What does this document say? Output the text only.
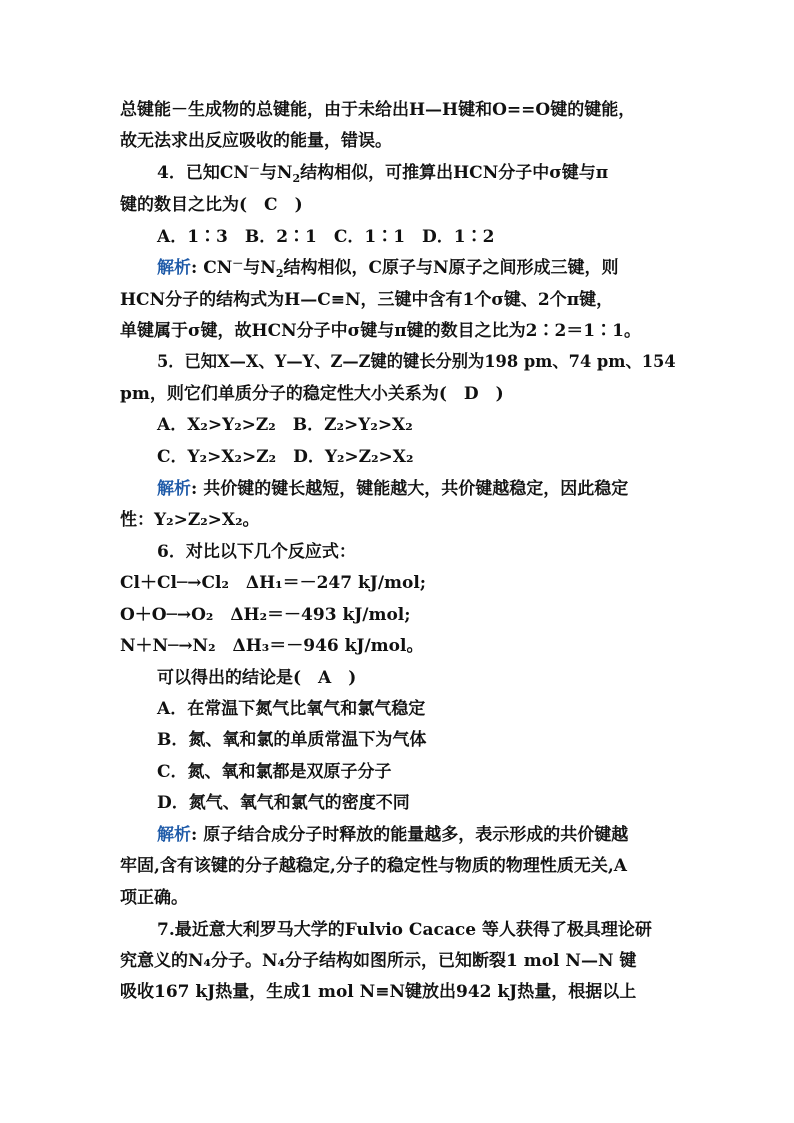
总键能－生成物的总键能，由于未给出H—H键和O==O键的键能，
故无法求出反应吸收的能量，错误。
4．已知CN－与$N_2$结构相似，可推算出HCN分子中σ键与π
键的数目之比为(　C　)
A．1∶3　B．2∶1　C．1∶1　D．1∶2
解析: CN－与$N_2$结构相似，C原子与N原子之间形成三键，则
HCN分子的结构式为H—C≡N，三键中含有1个σ键、2个π键，
单键属于σ键，故HCN分子中σ键与π键的数目之比为2∶2＝1∶1。
5．已知X—X、Y—Y、Z—Z键的键长分别为198 pm、74 pm、154
pm，则它们单质分子的稳定性大小关系为(　D　)
A．X₂>Y₂>Z₂　 B．Z₂>Y₂>X₂
C．Y₂>X₂>Z₂　 D．Y₂>Z₂>X₂
解析: 共价键的键长越短，键能越大，共价键越稳定，因此稳定
性：Y₂>Z₂>X₂。
6．对比以下几个反应式：
Cl＋Cl─→Cl₂　ΔH₁＝－247 kJ/mol;
O＋O─→O₂　ΔH₂＝－493 kJ/mol;
N＋N─→N₂　ΔH₃＝－946 kJ/mol。
可以得出的结论是(　A　)
A．在常温下氮气比氧气和氯气稳定
B．氮、氧和氯的单质常温下为气体
C．氮、氧和氯都是双原子分子
D．氮气、氧气和氯气的密度不同
解析: 原子结合成分子时释放的能量越多，表示形成的共价键越
牢固,含有该键的分子越稳定,分子的稳定性与物质的物理性质无关,A
项正确。
7.最近意大利罗马大学的Fulvio Cacace 等人获得了极具理论研
究意义的N₄分子。N₄分子结构如图所示，已知断裂1 mol N—N 键
吸收167 kJ热量，生成1 mol N≡N键放出942 kJ热量，根据以上
